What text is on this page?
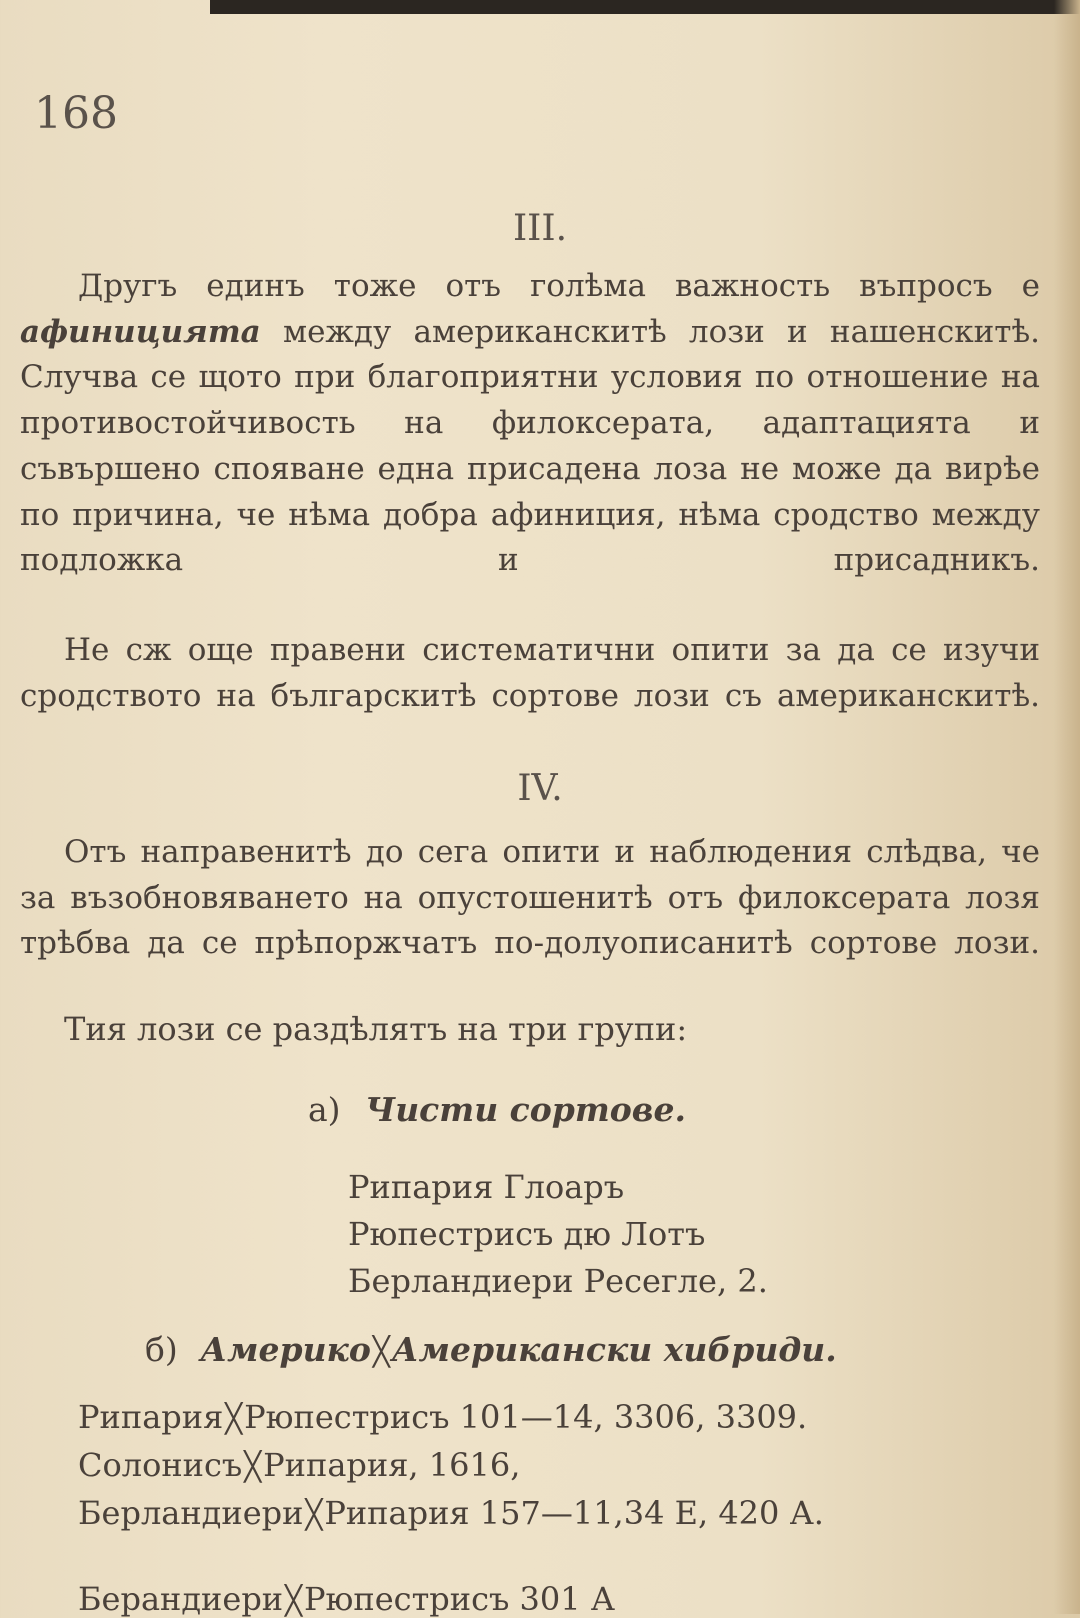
168
III.
Другъ единъ тоже отъ голѣма важность въпросъ е афиницията между американскитѣ лози и нашенскитѣ. Случва се щото при благоприятни условия по отношение на противостойчивость на филоксерата, адаптацията и съвършено спояване една присадена лоза не може да вирѣе по причина, че нѣма добра афиниция, нѣма сродство между подложка и присадникъ.
Не сж още правени систематични опити за да се изучи сродството на българскитѣ сортове лози съ американскитѣ.
IV.
Отъ направенитѣ до сега опити и наблюдения слѣдва, че за възобновяването на опустошенитѣ отъ филоксерата лозя трѣбва да се прѣпоржчатъ по-долуописанитѣ сортове лози.
Тия лози се раздѣлятъ на три групи:
а) Чисти сортове.
Рипария Глоаръ
Рюпестрисъ дю Лотъ
Берландиери Ресегле, 2.
б) Америко╳Американски хибриди.
Рипария╳Рюпестрисъ 101—14, 3306, 3309.
Солонисъ╳Рипария, 1616,
Берландиери╳Рипария 157—11,34 Е, 420 А.
Берандиери╳Рюпестрисъ 301 А
